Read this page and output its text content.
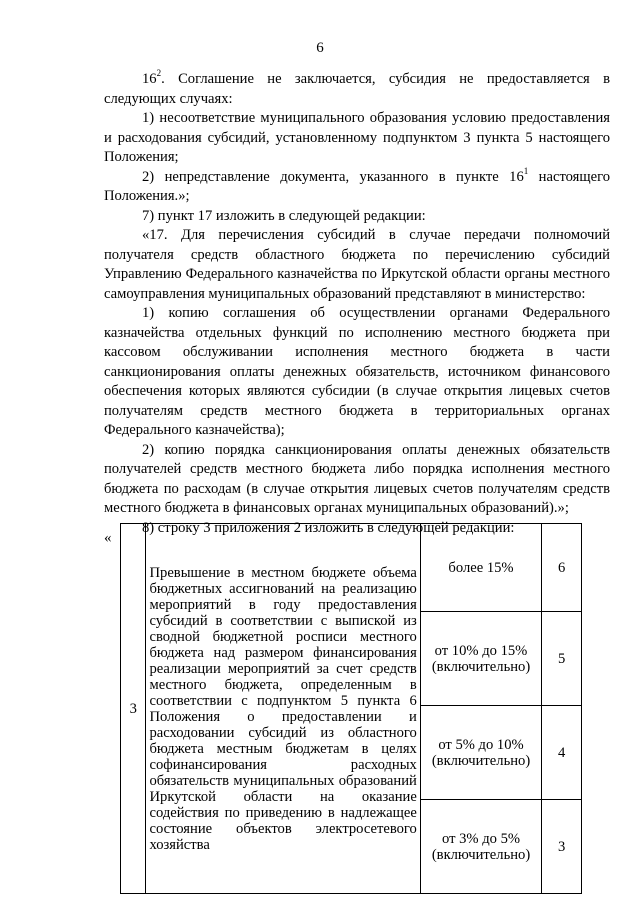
6

$16^2$. Соглашение не заключается, субсидия не предоставляется в следующих случаях:

1) несоответствие муниципального образования условию предоставления и расходования субсидий, установленному подпунктом 3 пункта 5 настоящего Положения;

2) непредставление документа, указанного в пункте $16^1$ настоящего Положения.»;

7) пункт 17 изложить в следующей редакции:

«17. Для перечисления субсидий в случае передачи полномочий получателя средств областного бюджета по перечислению субсидий Управлению Федерального казначейства по Иркутской области органы местного самоуправления муниципальных образований представляют в министерство:

1) копию соглашения об осуществлении органами Федерального казначейства отдельных функций по исполнению местного бюджета при кассовом обслуживании исполнения местного бюджета в части санкционирования оплаты денежных обязательств, источником финансового обеспечения которых являются субсидии (в случае открытия лицевых счетов получателям средств местного бюджета в территориальных органах Федерального казначейства);

2) копию порядка санкционирования оплаты денежных обязательств получателей средств местного бюджета либо порядка исполнения местного бюджета по расходам (в случае открытия лицевых счетов получателям средств местного бюджета в финансовых органах муниципальных образований).»;

8) строку 3 приложения 2 изложить в следующей редакции:

«
3	Превышение в местном бюджете объема бюджетных ассигнований на реализацию мероприятий в году предоставления субсидий в соответствии с выпиской из сводной бюджетной росписи местного бюджета над размером финансирования реализации мероприятий за счет средств местного бюджета, определенным в соответствии с подпунктом 5 пункта 6 Положения о предоставлении и расходовании субсидий из областного бюджета местным бюджетам в целях софинансирования расходных обязательств муниципальных образований Иркутской области на оказание содействия по приведению в надлежащее состояние объектов электросетевого хозяйства	более 15%	6

		от 10% до 15%
(включительно)	5

		от 5% до 10%
(включительно)	4

		от 3% до 5%
(включительно)	3
